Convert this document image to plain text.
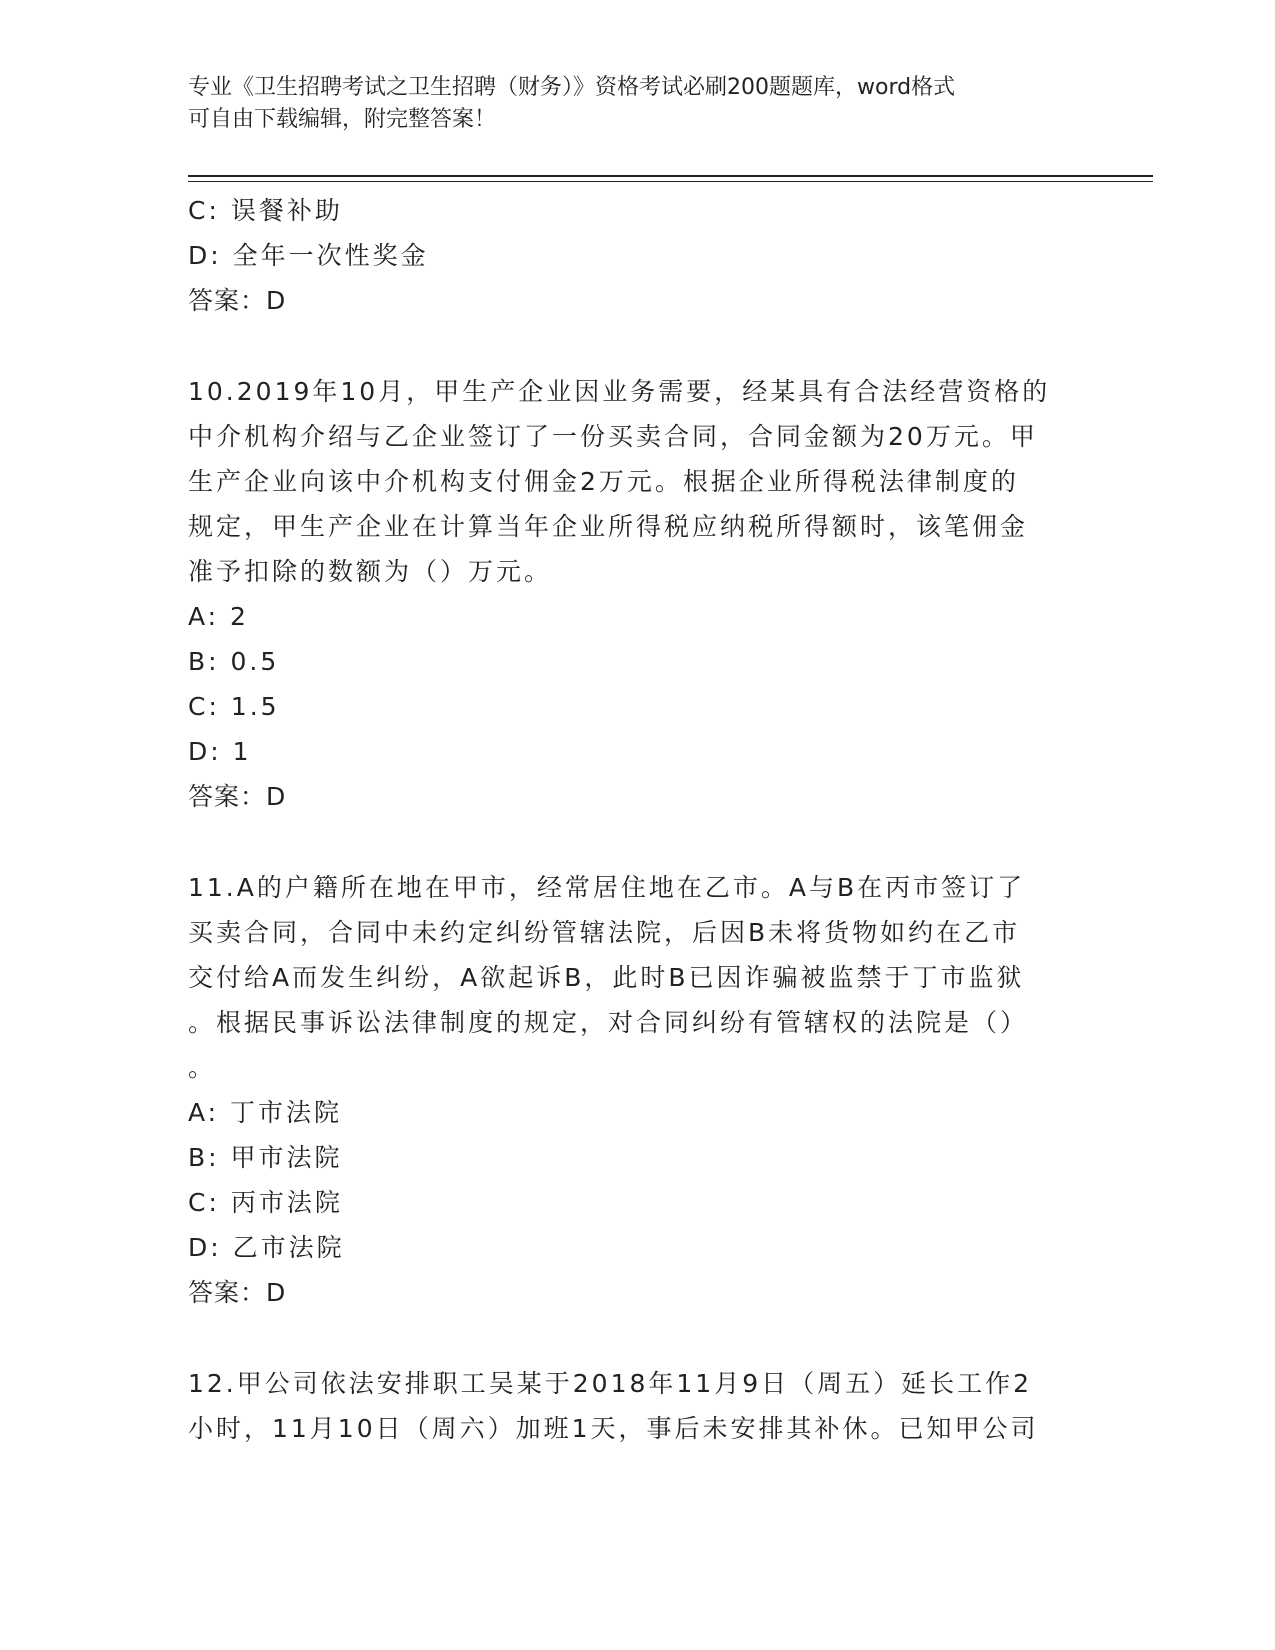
专业《卫生招聘考试之卫生招聘（财务）》资格考试必刷200题题库，word格式

可自由下载编辑，附完整答案！

C: 误餐补助
D: 全年一次性奖金
答案：D

10.2019年10月，甲生产企业因业务需要，经某具有合法经营资格的

中介机构介绍与乙企业签订了一份买卖合同，合同金额为20万元。甲

生产企业向该中介机构支付佣金2万元。根据企业所得税法律制度的

规定，甲生产企业在计算当年企业所得税应纳税所得额时，该笔佣金

准予扣除的数额为（）万元。

A: 2
B: 0.5
C: 1.5
D: 1
答案：D

11.A的户籍所在地在甲市，经常居住地在乙市。A与B在丙市签订了

买卖合同，合同中未约定纠纷管辖法院，后因B未将货物如约在乙市

交付给A而发生纠纷，A欲起诉B，此时B已因诈骗被监禁于丁市监狱

。根据民事诉讼法律制度的规定，对合同纠纷有管辖权的法院是（）

。

A: 丁市法院
B: 甲市法院
C: 丙市法院
D: 乙市法院
答案：D

12.甲公司依法安排职工吴某于2018年11月9日（周五）延长工作2

小时，11月10日（周六）加班1天，事后未安排其补休。已知甲公司
